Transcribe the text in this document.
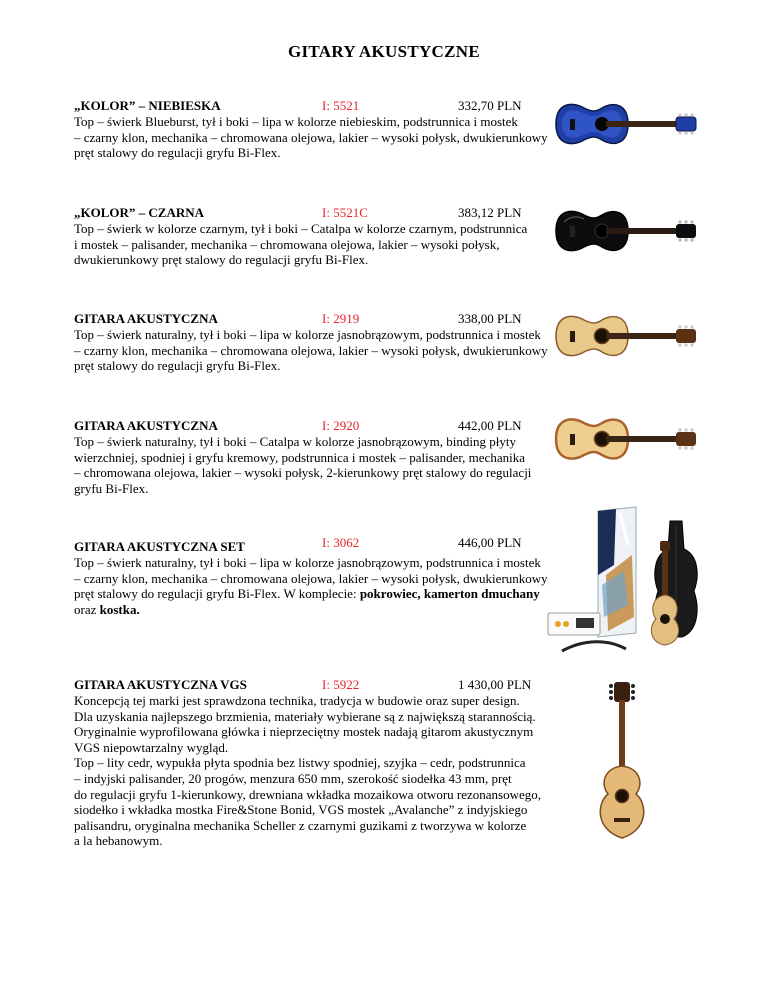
GITARY AKUSTYCZNE
„KOLOR” – NIEBIESKA	I: 5521	332,70 PLN
Top – świerk Blueburst, tył i boki – lipa w kolorze niebieskim, podstrunnica i mostek
– czarny klon, mechanika – chromowana olejowa, lakier – wysoki połysk, dwukierunkowy
pręt stalowy do regulacji gryfu Bi-Flex.
„KOLOR” – CZARNA	I: 5521C	383,12 PLN
Top – świerk w kolorze czarnym, tył i boki – Catalpa w kolorze czarnym, podstrunnica
i mostek – palisander, mechanika – chromowana olejowa, lakier – wysoki połysk,
dwukierunkowy pręt stalowy do regulacji gryfu Bi-Flex.
GITARA AKUSTYCZNA	I: 2919	338,00 PLN
Top – świerk naturalny, tył i boki – lipa w kolorze jasnobrązowym, podstrunnica i mostek
– czarny klon, mechanika – chromowana olejowa, lakier – wysoki połysk, dwukierunkowy
pręt stalowy do regulacji gryfu Bi-Flex.
GITARA AKUSTYCZNA	I: 2920	442,00 PLN
Top – świerk naturalny, tył i boki – Catalpa w kolorze jasnobrązowym, binding płyty
wierzchniej, spodniej i gryfu kremowy, podstrunnica i mostek – palisander, mechanika
– chromowana olejowa, lakier – wysoki połysk, 2-kierunkowy pręt stalowy do regulacji
gryfu Bi-Flex.
GITARA AKUSTYCZNA SET	I: 3062	446,00 PLN
Top – świerk naturalny, tył i boki – lipa w kolorze jasnobrązowym, podstrunnica i mostek
– czarny klon, mechanika – chromowana olejowa, lakier – wysoki połysk, dwukierunkowy
pręt stalowy do regulacji gryfu Bi-Flex. W komplecie: pokrowiec, kamerton dmuchany
oraz kostka.
GITARA AKUSTYCZNA VGS	I: 5922	1 430,00 PLN
Koncepcją tej marki jest sprawdzona technika, tradycja w budowie oraz super design.
Dla uzyskania najlepszego brzmienia, materiały wybierane są z największą starannością.
Oryginalnie wyprofilowana główka i nieprzeciętny mostek nadają gitarom akustycznym
VGS niepowtarzalny wygląd.
Top – lity cedr, wypukła płyta spodnia bez listwy spodniej, szyjka – cedr, podstrunnica
– indyjski palisander, 20 progów, menzura 650 mm, szerokość siodełka 43 mm, pręt
do regulacji gryfu 1-kierunkowy, drewniana wkładka mozaikowa otworu rezonansowego,
siodełko i wkładka mostka Fire&Stone Bonid, VGS mostek „Avalanche” z indyjskiego
palisandru, oryginalna mechanika Scheller z czarnymi guzikami z tworzywa w kolorze
a la hebanowym.
